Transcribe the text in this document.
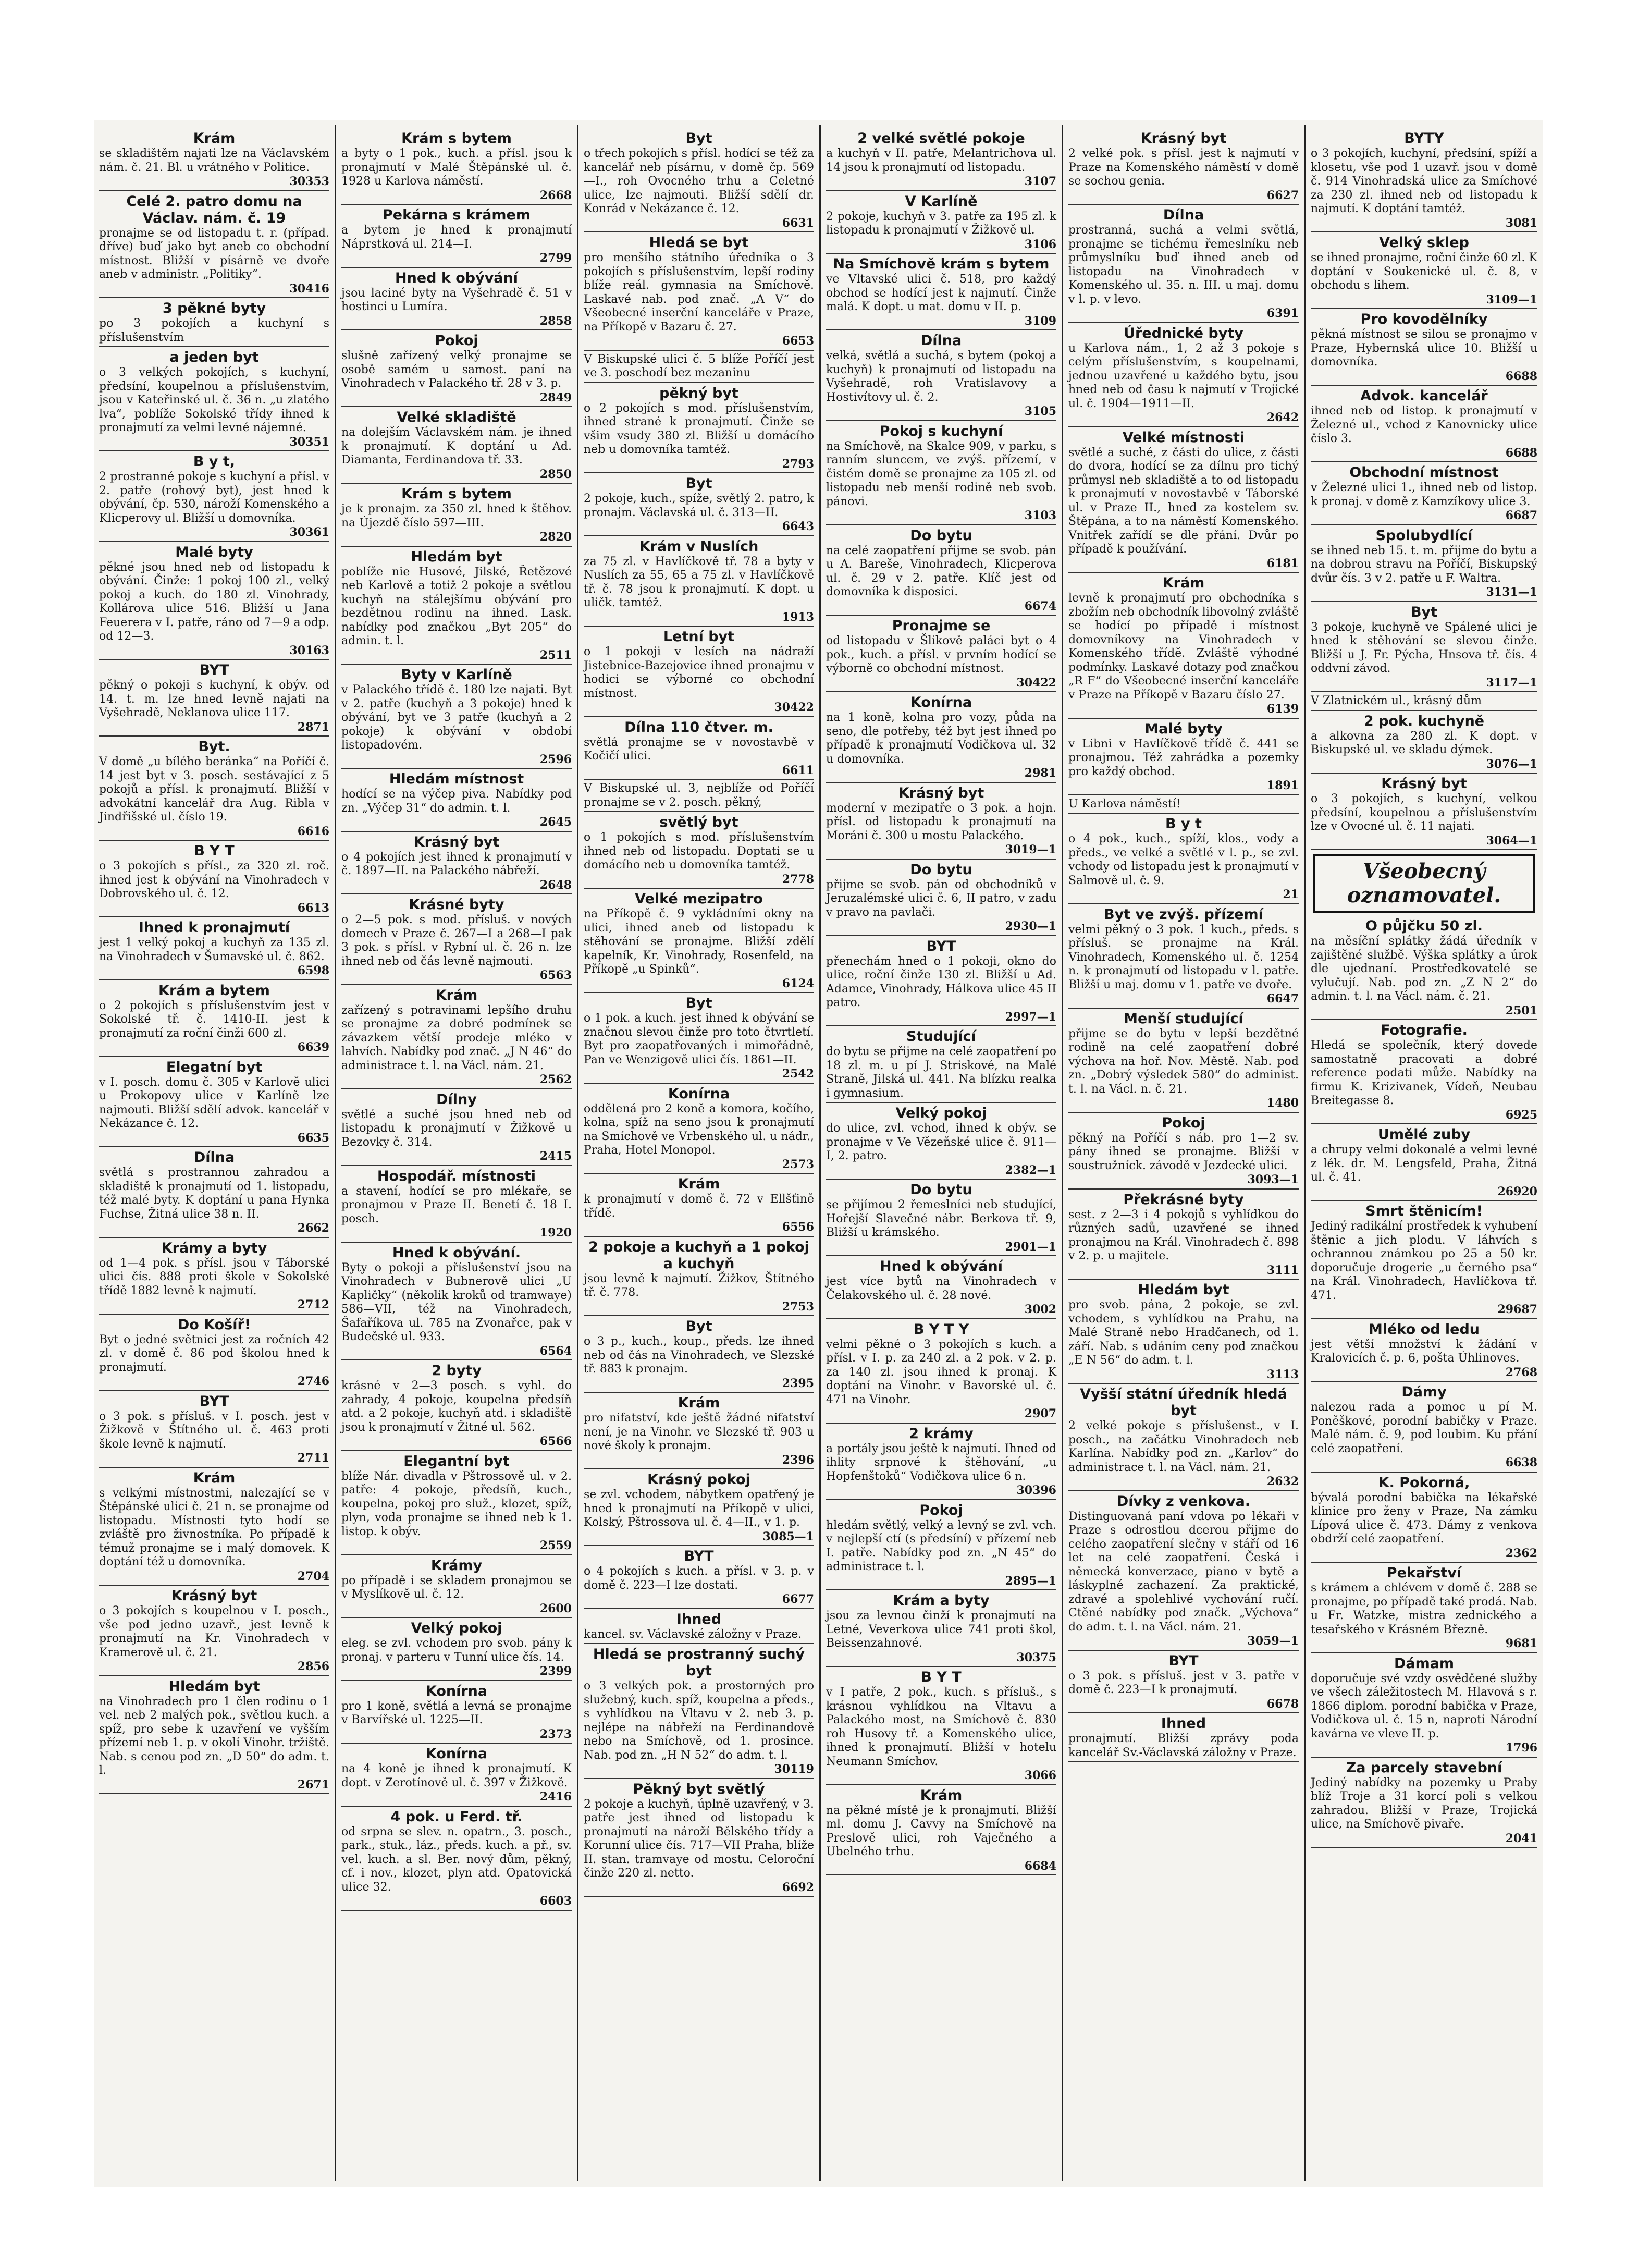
Krám
se skladištěm najati lze na Václavském nám. č. 21. Bl. u vrátného v Politice.
30353
Celé 2. patro domu na Václav. nám. č. 19
pronajme se od listopadu t. r. (případ. dříve) buď jako byt aneb co obchodní místnost. Bližší v písárně ve dvoře aneb v administr. „Politiky“.
30416
3 pěkné byty
po 3 pokojích a kuchyní s příslušenstvím
a jeden byt
o 3 velkých pokojích, s kuchyní, předsíní, koupelnou a příslušenstvím, jsou v Kateřinské ul. č. 36 n. „u zlatého lva“, poblíže Sokolské třídy ihned k pronajmutí za velmi levné nájemné.
30351
B y t,
2 prostranné pokoje s kuchyní a přísl. v 2. patře (rohový byt), jest hned k obývání, čp. 530, nároží Komenského a Klicperovy ul. Bližší u domovníka.
30361
Malé byty
pěkné jsou hned neb od listopadu k obývání. Činže: 1 pokoj 100 zl., velký pokoj a kuch. do 180 zl. Vinohrady, Kollárova ulice 516. Bližší u Jana Feuerera v I. patře, ráno od 7—9 a odp. od 12—3.
30163
BYT
pěkný o pokoji s kuchyní, k obýv. od 14. t. m. lze hned levně najati na Vyšehradě, Neklanova ulice 117.
2871
Byt.
V domě „u bílého beránka“ na Poříčí č. 14 jest byt v 3. posch. sestávající z 5 pokojů a přísl. k pronajmutí. Bližší v advokátní kancelář dra Aug. Ribla v Jindřišské ul. číslo 19.
6616
B Y T
o 3 pokojích s přísl., za 320 zl. roč. ihned jest k obývání na Vinohradech v Dobrovského ul. č. 12.
6613
Ihned k pronajmutí
jest 1 velký pokoj a kuchyň za 135 zl. na Vinohradech v Šumavské ul. č. 862.
6598
Krám a bytem
o 2 pokojích s příslušenstvím jest v Sokolské tř. č. 1410-II. jest k pronajmutí za roční činži 600 zl.
6639
Elegatní byt
v I. posch. domu č. 305 v Karlově ulici u Prokopovy ulice v Karlíně lze najmouti. Bližší sdělí advok. kancelář v Nekázance č. 12.
6635
Dílna
světlá s prostrannou zahradou a skladiště k pronajmutí od 1. listopadu, též malé byty. K doptání u pana Hynka Fuchse, Žitná ulice 38 n. II.
2662
Krámy a byty
od 1—4 pok. s přísl. jsou v Táborské ulici čís. 888 proti škole v Sokolské třídě 1882 levně k najmutí.
2712
Do Košíř!
Byt o jedné světnici jest za ročních 42 zl. v domě č. 86 pod školou hned k pronajmutí.
2746
BYT
o 3 pok. s přísluš. v I. posch. jest v Žižkově v Štítného ul. č. 463 proti škole levně k najmutí.
2711
Krám
s velkými místnostmi, nalezající se v Štěpánské ulici č. 21 n. se pronajme od listopadu. Místnosti tyto hodí se zvláště pro živnostníka. Po případě k témuž pronajme se i malý domovek. K doptání též u domovníka.
2704
Krásný byt
o 3 pokojích s koupelnou v I. posch., vše pod jedno uzavř., jest levně k pronajmutí na Kr. Vinohradech v Kramerově ul. č. 21.
2856
Hledám byt
na Vinohradech pro 1 člen rodinu o 1 vel. neb 2 malých pok., světlou kuch. a spíž, pro sebe k uzavření ve vyšším přízemí neb 1. p. v okolí Vinohr. tržiště. Nab. s cenou pod zn. „D 50“ do adm. t. l.
2671
Krám s bytem
a byty o 1 pok., kuch. a přísl. jsou k pronajmutí v Malé Štěpánské ul. č. 1928 u Karlova náměstí.
2668
Pekárna s krámem
a bytem je hned k pronajmutí Náprstková ul. 214—I.
2799
Hned k obývání
jsou laciné byty na Vyšehradě č. 51 v hostinci u Lumíra.
2858
Pokoj
slušně zařízený velký pronajme se osobě samém u samost. paní na Vinohradech v Palackého tř. 28 v 3. p.
2849
Velké skladiště
na dolejším Václavském nám. je ihned k pronajmutí. K doptání u Ad. Diamanta, Ferdinandova tř. 33.
2850
Krám s bytem
je k pronajm. za 350 zl. hned k štěhov. na Újezdě číslo 597—III.
2820
Hledám byt
poblíže nie Husové, Jilské, Řetězové neb Karlově a totiž 2 pokoje a světlou kuchyň na stálejšímu obývání pro bezdětnou rodinu na ihned. Lask. nabídky pod značkou „Byt 205“ do admin. t. l.
2511
Byty v Karlíně
v Palackého třídě č. 180 lze najati. Byt v 2. patře (kuchyň a 3 pokoje) hned k obývání, byt ve 3 patře (kuchyň a 2 pokoje) k obývání v období listopadovém.
2596
Hledám místnost
hodící se na výčep piva. Nabídky pod zn. „Výčep 31“ do admin. t. l.
2645
Krásný byt
o 4 pokojích jest ihned k pronajmutí v č. 1897—II. na Palackého nábřeží.
2648
Krásné byty
o 2—5 pok. s mod. přísluš. v nových domech v Praze č. 267—I a 268—I pak 3 pok. s přísl. v Rybní ul. č. 26 n. lze ihned neb od čás levně najmouti.
6563
Krám
zařízený s potravinami lepšího druhu se pronajme za dobré podmínek se závazkem větší prodeje mléko v lahvích. Nabídky pod znač. „J N 46“ do administrace t. l. na Václ. nám. 21.
2562
Dílny
světlé a suché jsou hned neb od listopadu k pronajmutí v Žižkově u Bezovky č. 314.
2415
Hospodář. místnosti
a stavení, hodící se pro mlékaře, se pronajmou v Praze II. Benetí č. 18 I. posch.
1920
Hned k obývání.
Byty o pokoji a příslušenství jsou na Vinohradech v Bubnerově ulici „U Kapličky“ (několik kroků od tramwaye) 586—VII, též na Vinohradech, Šafaříkova ul. 785 na Zvonařce, pak v Budečské ul. 933.
6564
2 byty
krásné v 2—3 posch. s vyhl. do zahrady, 4 pokoje, koupelna předsíň atd. a 2 pokoje, kuchyň atd. i skladiště jsou k pronajmutí v Žitné ul. 562.
6566
Elegantní byt
blíže Nár. divadla v Pštrossově ul. v 2. patře: 4 pokoje, předsíň, kuch., koupelna, pokoj pro služ., klozet, spíž, plyn, voda pronajme se ihned neb k 1. listop. k obýv.
2559
Krámy
po případě i se skladem pronajmou se v Myslíkově ul. č. 12.
2600
Velký pokoj
eleg. se zvl. vchodem pro svob. pány k pronaj. v parteru v Tunní ulice čís. 14.
2399
Konírna
pro 1 koně, světlá a levná se pronajme v Barvířské ul. 1225—II.
2373
Konírna
na 4 koně je ihned k pronajmutí. K dopt. v Zerotínově ul. č. 397 v Žižkově.
2416
4 pok. u Ferd. tř.
od srpna se slev. n. opatrn., 3. posch., park., stuk., láz., předs. kuch. a př., sv. vel. kuch. a sl. Ber. nový dům, pěkný, cf. i nov., klozet, plyn atd. Opatovická ulice 32.
6603
Byt
o třech pokojích s přísl. hodící se též za kancelář neb písárnu, v domě čp. 569—I., roh Ovocného trhu a Celetné ulice, lze najmouti. Bližší sdělí dr. Konrád v Nekázance č. 12.
6631
Hledá se byt
pro menšího státního úředníka o 3 pokojích s příslušenstvím, lepší rodiny blíže reál. gymnasia na Smíchově. Laskavé nab. pod znač. „A V“ do Všeobecné inserční kanceláře v Praze, na Příkopě v Bazaru č. 27.
6653
V Biskupské ulici č. 5 blíže Poříčí jest ve 3. poschodí bez mezaninu
pěkný byt
o 2 pokojích s mod. příslušenstvím, ihned strané k pronajmutí. Činže se všim vsudy 380 zl. Bližší u domácího neb u domovníka tamtéž.
2793
Byt
2 pokoje, kuch., spíže, světlý 2. patro, k pronajm. Václavská ul. č. 313—II.
6643
Krám v Nuslích
za 75 zl. v Havlíčkově tř. 78 a byty v Nuslích za 55, 65 a 75 zl. v Havlíčkově tř. č. 78 jsou k pronajmutí. K dopt. u uličk. tamtéž.
1913
Letní byt
o 1 pokoji v lesích na nádraží Jistebnice-Bazejovice ihned pronajmu v hodici se výborné co obchodní místnost.
30422
Dílna 110 čtver. m.
světlá pronajme se v novostavbě v Kočičí ulici.
6611
V Biskupské ul. 3, nejblíže od Poříčí pronajme se v 2. posch. pěkný,
světlý byt
o 1 pokojích s mod. příslušenstvím ihned neb od listopadu. Doptati se u domácího neb u domovníka tamtéž.
2778
Velké mezipatro
na Příkopě č. 9 vykládními okny na ulici, ihned aneb od listopadu k stěhování se pronajme. Bližší zdělí kapelník, Kr. Vinohrady, Rosenfeld, na Příkopě „u Spinků“.
6124
Byt
o 1 pok. a kuch. jest ihned k obývání se značnou slevou činže pro toto čtvrtletí. Byt pro zaopatřovaných i mimořádně, Pan ve Wenzigově ulici čís. 1861—II.
2542
Konírna
oddělená pro 2 koně a komora, kočího, kolna, spíž na seno jsou k pronajmutí na Smíchově ve Vrbenského ul. u nádr., Praha, Hotel Monopol.
2573
Krám
k pronajmutí v domě č. 72 v Ellšťině třídě.
6556
2 pokoje a kuchyň a 1 pokoj a kuchyň
jsou levně k najmutí. Žižkov, Štítného tř. č. 778.
2753
Byt
o 3 p., kuch., koup., předs. lze ihned neb od čás na Vinohradech, ve Slezské tř. 883 k pronajm.
2395
Krám
pro nifatství, kde ještě žádné nifatství není, je na Vinohr. ve Slezské tř. 903 u nové školy k pronajm.
2396
Krásný pokoj
se zvl. vchodem, nábytkem opatřený je hned k pronajmutí na Příkopě v ulici, Kolský, Pštrossova ul. č. 4—II., v 1. p.
3085—1
BYT
o 4 pokojích s kuch. a přísl. v 3. p. v domě č. 223—I lze dostati.
6677
Ihned
kancel. sv. Václavské záložny v Praze.
Hledá se prostranný suchý byt
o 3 velkých pok. a prostorných pro služebný, kuch. spíž, koupelna a předs., s vyhlídkou na Vltavu v 2. neb 3. p. nejlépe na nábřeží na Ferdinandově nebo na Smíchově, od 1. prosince. Nab. pod zn. „H N 52“ do adm. t. l.
30119
Pěkný byt světlý
2 pokoje a kuchyň, úplně uzavřený, v 3. patře jest ihned od listopadu k pronajmutí na nároží Bělského třídy a Korunní ulice čís. 717—VII Praha, blíže II. stan. tramvaye od mostu. Celoroční činže 220 zl. netto.
6692
2 velké světlé pokoje
a kuchyň v II. patře, Melantrichova ul. 14 jsou k pronajmutí od listopadu.
3107
V Karlíně
2 pokoje, kuchyň v 3. patře za 195 zl. k listopadu k pronajmutí v Žižkově ul.
3106
Na Smíchově krám s bytem
ve Vltavské ulici č. 518, pro každý obchod se hodící jest k najmutí. Činže malá. K dopt. u mat. domu v II. p.
3109
Dílna
velká, světlá a suchá, s bytem (pokoj a kuchyň) k pronajmutí od listopadu na Vyšehradě, roh Vratislavovy a Hostivítovy ul. č. 2.
3105
Pokoj s kuchyní
na Smíchově, na Skalce 909, v parku, s ranním sluncem, ve zvýš. přízemí, v čistém domě se pronajme za 105 zl. od listopadu neb menší rodině neb svob. pánovi.
3103
Do bytu
na celé zaopatření přijme se svob. pán u A. Bareše, Vinohradech, Klicperova ul. č. 29 v 2. patře. Klíč jest od domovníka k disposici.
6674
Pronajme se
od listopadu v Šlikově paláci byt o 4 pok., kuch. a přísl. v prvním hodící se výborně co obchodní místnost.
30422
Konírna
na 1 koně, kolna pro vozy, půda na seno, dle potřeby, též byt jest ihned po případě k pronajmutí Vodičkova ul. 32 u domovníka.
2981
Krásný byt
moderní v mezipatře o 3 pok. a hojn. přísl. od listopadu k pronajmutí na Moráni č. 300 u mostu Palackého.
3019—1
Do bytu
přijme se svob. pán od obchodníků v Jeruzalémské ulici č. 6, II patro, v zadu v pravo na pavlači.
2930—1
BYT
přenechám hned o 1 pokoji, okno do ulice, roční činže 130 zl. Bližší u Ad. Adamce, Vinohrady, Hálkova ulice 45 II patro.
2997—1
Studující
do bytu se přijme na celé zaopatření po 18 zl. m. u pí J. Striskové, na Malé Straně, Jilská ul. 441. Na blízku realka i gymnasium.
Velký pokoj
do ulice, zvl. vchod, ihned k obýv. se pronajme v Ve Vězeňské ulice č. 911—I, 2. patro.
2382—1
Do bytu
se přijímou 2 řemeslníci neb studující, Hořejší Slavečné nábr. Berkova tř. 9, Bližší u krámského.
2901—1
Hned k obývání
jest více bytů na Vinohradech v Čelakovského ul. č. 28 nové.
3002
B Y T Y
velmi pěkné o 3 pokojích s kuch. a přísl. v I. p. za 240 zl. a 2 pok. v 2. p. za 140 zl. jsou ihned k pronaj. K doptání na Vinohr. v Bavorské ul. č. 471 na Vinohr.
2907
2 krámy
a portály jsou ještě k najmutí. Ihned od ihlity srpnové k štěhování, „u Hopfenštoků“ Vodičkova ulice 6 n.
30396
Pokoj
hledám světlý, velký a levný se zvl. vch. v nejlepší ctí (s předsíní) v přízemí neb I. patře. Nabídky pod zn. „N 45“ do administrace t. l.
2895—1
Krám a byty
jsou za levnou činží k pronajmutí na Letné, Veverkova ulice 741 proti škol, Beissenzahnové.
30375
B Y T
v I patře, 2 pok., kuch. s přísluš., s krásnou vyhlídkou na Vltavu a Palackého most, na Smíchově č. 830 roh Husovy tř. a Komenského ulice, ihned k pronajmutí. Bližší v hotelu Neumann Smíchov.
3066
Krám
na pěkné místě je k pronajmutí. Bližší ml. domu J. Cavvy na Smíchově na Preslově ulici, roh Vaječného a Ubelného trhu.
6684
Krásný byt
2 velké pok. s přísl. jest k najmutí v Praze na Komenského náměstí v domě se sochou genia.
6627
Dílna
prostranná, suchá a velmi světlá, pronajme se tichému řemeslníku neb průmyslníku buď ihned aneb od listopadu na Vinohradech v Komenského ul. 35. n. III. u maj. domu v l. p. v levo.
6391
Úřednické byty
u Karlova nám., 1, 2 až 3 pokoje s celým příslušenstvím, s koupelnami, jednou uzavřené u každého bytu, jsou hned neb od času k najmutí v Trojické ul. č. 1904—1911—II.
2642
Velké místnosti
světlé a suché, z části do ulice, z části do dvora, hodící se za dílnu pro tichý průmysl neb skladiště a to od listopadu k pronajmutí v novostavbě v Táborské ul. v Praze II., hned za kostelem sv. Štěpána, a to na náměstí Komenského. Vnitřek zařídí se dle přání. Dvůr po případě k používání.
6181
Krám
levně k pronajmutí pro obchodníka s zbožím neb obchodník libovolný zvláště se hodící po případě i místnost domovníkovy na Vinohradech v Komenského třídě. Zvláště výhodné podmínky. Laskavé dotazy pod značkou „R F“ do Všeobecné inserční kanceláře v Praze na Příkopě v Bazaru číslo 27.
6139
Malé byty
v Libni v Havlíčkově třídě č. 441 se pronajmou. Též zahrádka a pozemky pro každý obchod.
1891
U Karlova náměstí!
B y t
o 4 pok., kuch., spíží, klos., vody a předs., ve velké a světlé v l. p., se zvl. vchody od listopadu jest k pronajmutí v Salmově ul. č. 9.
21
Byt ve zvýš. přízemí
velmi pěkný o 3 pok. 1 kuch., předs. s přísluš. se pronajme na Král. Vinohradech, Komenského ul. č. 1254 n. k pronajmutí od listopadu v l. patře. Bližší u maj. domu v 1. patře ve dvoře.
6647
Menší studující
přijme se do bytu v lepší bezdětné rodině na celé zaopatření dobré výchova na hoř. Nov. Městě. Nab. pod zn. „Dobrý výsledek 580“ do administ. t. l. na Václ. n. č. 21.
1480
Pokoj
pěkný na Poříčí s náb. pro 1—2 sv. pány ihned se pronajme. Bližší v soustružníck. závodě v Jezdecké ulici.
3093—1
Překrásné byty
sest. z 2—3 i 4 pokojů s vyhlídkou do různých sadů, uzavřené se ihned pronajmou na Král. Vinohradech č. 898 v 2. p. u majitele.
3111
Hledám byt
pro svob. pána, 2 pokoje, se zvl. vchodem, s vyhlídkou na Prahu, na Malé Straně nebo Hradčanech, od 1. září. Nab. s udáním ceny pod značkou „E N 56“ do adm. t. l.
3113
Vyšší státní úředník hledá byt
2 velké pokoje s příslušenst., v I. posch., na začátku Vinohradech neb Karlína. Nabídky pod zn. „Karlov“ do administrace t. l. na Václ. nám. 21.
2632
Dívky z venkova.
Distinguovaná paní vdova po lékaři v Praze s odrostlou dcerou přijme do celého zaopatření slečny v stáří od 16 let na celé zaopatření. Česká i německá konverzace, piano v bytě a láskyplné zachazení. Za praktické, zdravé a spolehlivé vychování ručí. Ctěné nabídky pod značk. „Výchova“ do adm. t. l. na Václ. nám. 21.
3059—1
BYT
o 3 pok. s přísluš. jest v 3. patře v domě č. 223—I k pronajmutí.
6678
Ihned
pronajmutí. Bližší zprávy poda kancelář Sv.-Václavská záložny v Praze.
BYTY
o 3 pokojích, kuchyní, předsíní, spíží a klosetu, vše pod 1 uzavř. jsou v domě č. 914 Vinohradská ulice za Smíchové za 230 zl. ihned neb od listopadu k najmutí. K doptání tamtéž.
3081
Velký sklep
se ihned pronajme, roční činže 60 zl. K doptání v Soukenické ul. č. 8, v obchodu s lihem.
3109—1
Pro kovodělníky
pěkná místnost se silou se pronajmo v Praze, Hybernská ulice 10. Bližší u domovníka.
6688
Advok. kancelář
ihned neb od listop. k pronajmutí v Železné ul., vchod z Kanovnicky ulice číslo 3.
6688
Obchodní místnost
v Železné ulici 1., ihned neb od listop. k pronaj. v domě z Kamzíkovy ulice 3.
6687
Spolubydlící
se ihned neb 15. t. m. přijme do bytu a na dobrou stravu na Poříčí, Biskupský dvůr čís. 3 v 2. patře u F. Waltra.
3131—1
Byt
3 pokoje, kuchyně ve Spálené ulici je hned k stěhování se slevou činže. Bližší u J. Fr. Pýcha, Hnsova tř. čís. 4 oddvní závod.
3117—1
V Zlatnickém ul., krásný dům
2 pok. kuchyně
a alkovna za 280 zl. K dopt. v Biskupské ul. ve skladu dýmek.
3076—1
Krásný byt
o 3 pokojích, s kuchyní, velkou předsíní, koupelnou a příslušenstvím lze v Ovocné ul. č. 11 najati.
3064—1
Všeobecný oznamovatel.
O půjčku 50 zl.
na měsíční splátky žádá úředník v zajištěné službě. Výška splátky a úrok dle ujednaní. Prostředkovatelé se vylučují. Nab. pod zn. „Z N 2“ do admin. t. l. na Václ. nám. č. 21.
2501
Fotografie.
Hledá se společník, který dovede samostatně pracovati a dobré reference podati může. Nabídky na firmu K. Krizivanek, Vídeň, Neubau Breitegasse 8.
6925
Umělé zuby
a chrupy velmi dokonalé a velmi levné z lék. dr. M. Lengsfeld, Praha, Žitná ul. č. 41.
26920
Smrt štěnicím!
Jediný radikální prostředek k vyhubení štěnic a jich plodu. V láhvích s ochrannou známkou po 25 a 50 kr. doporučuje drogerie „u černého psa“ na Král. Vinohradech, Havlíčkova tř. 471.
29687
Mléko od ledu
jest větší množství k žádání v Kralovicích č. p. 6, pošta Úhlinoves.
2768
Dámy
nalezou rada a pomoc u pí M. Poněškové, porodní babičky v Praze. Malé nám. č. 9, pod loubim. Ku přání celé zaopatření.
6638
K. Pokorná,
bývalá porodní babička na lékařské klinice pro ženy v Praze, Na zámku Lípová ulice č. 473. Dámy z venkova obdrží celé zaopatření.
2362
Pekařství
s krámem a chlévem v domě č. 288 se pronajme, po případě také prodá. Nab. u Fr. Watzke, mistra zednického a tesařského v Krásném Březně.
9681
Dámam
doporučuje své vzdy osvědčené služby ve všech záležitostech M. Hlavová s r. 1866 diplom. porodní babička v Praze, Vodičkova ul. č. 15 n, naproti Národní kavárna ve vleve II. p.
1796
Za parcely stavební
Jediný nabídky na pozemky u Praby blíž Troje a 31 korcí poli s velkou zahradou. Bližší v Praze, Trojická ulice, na Smíchově pivaře.
2041
